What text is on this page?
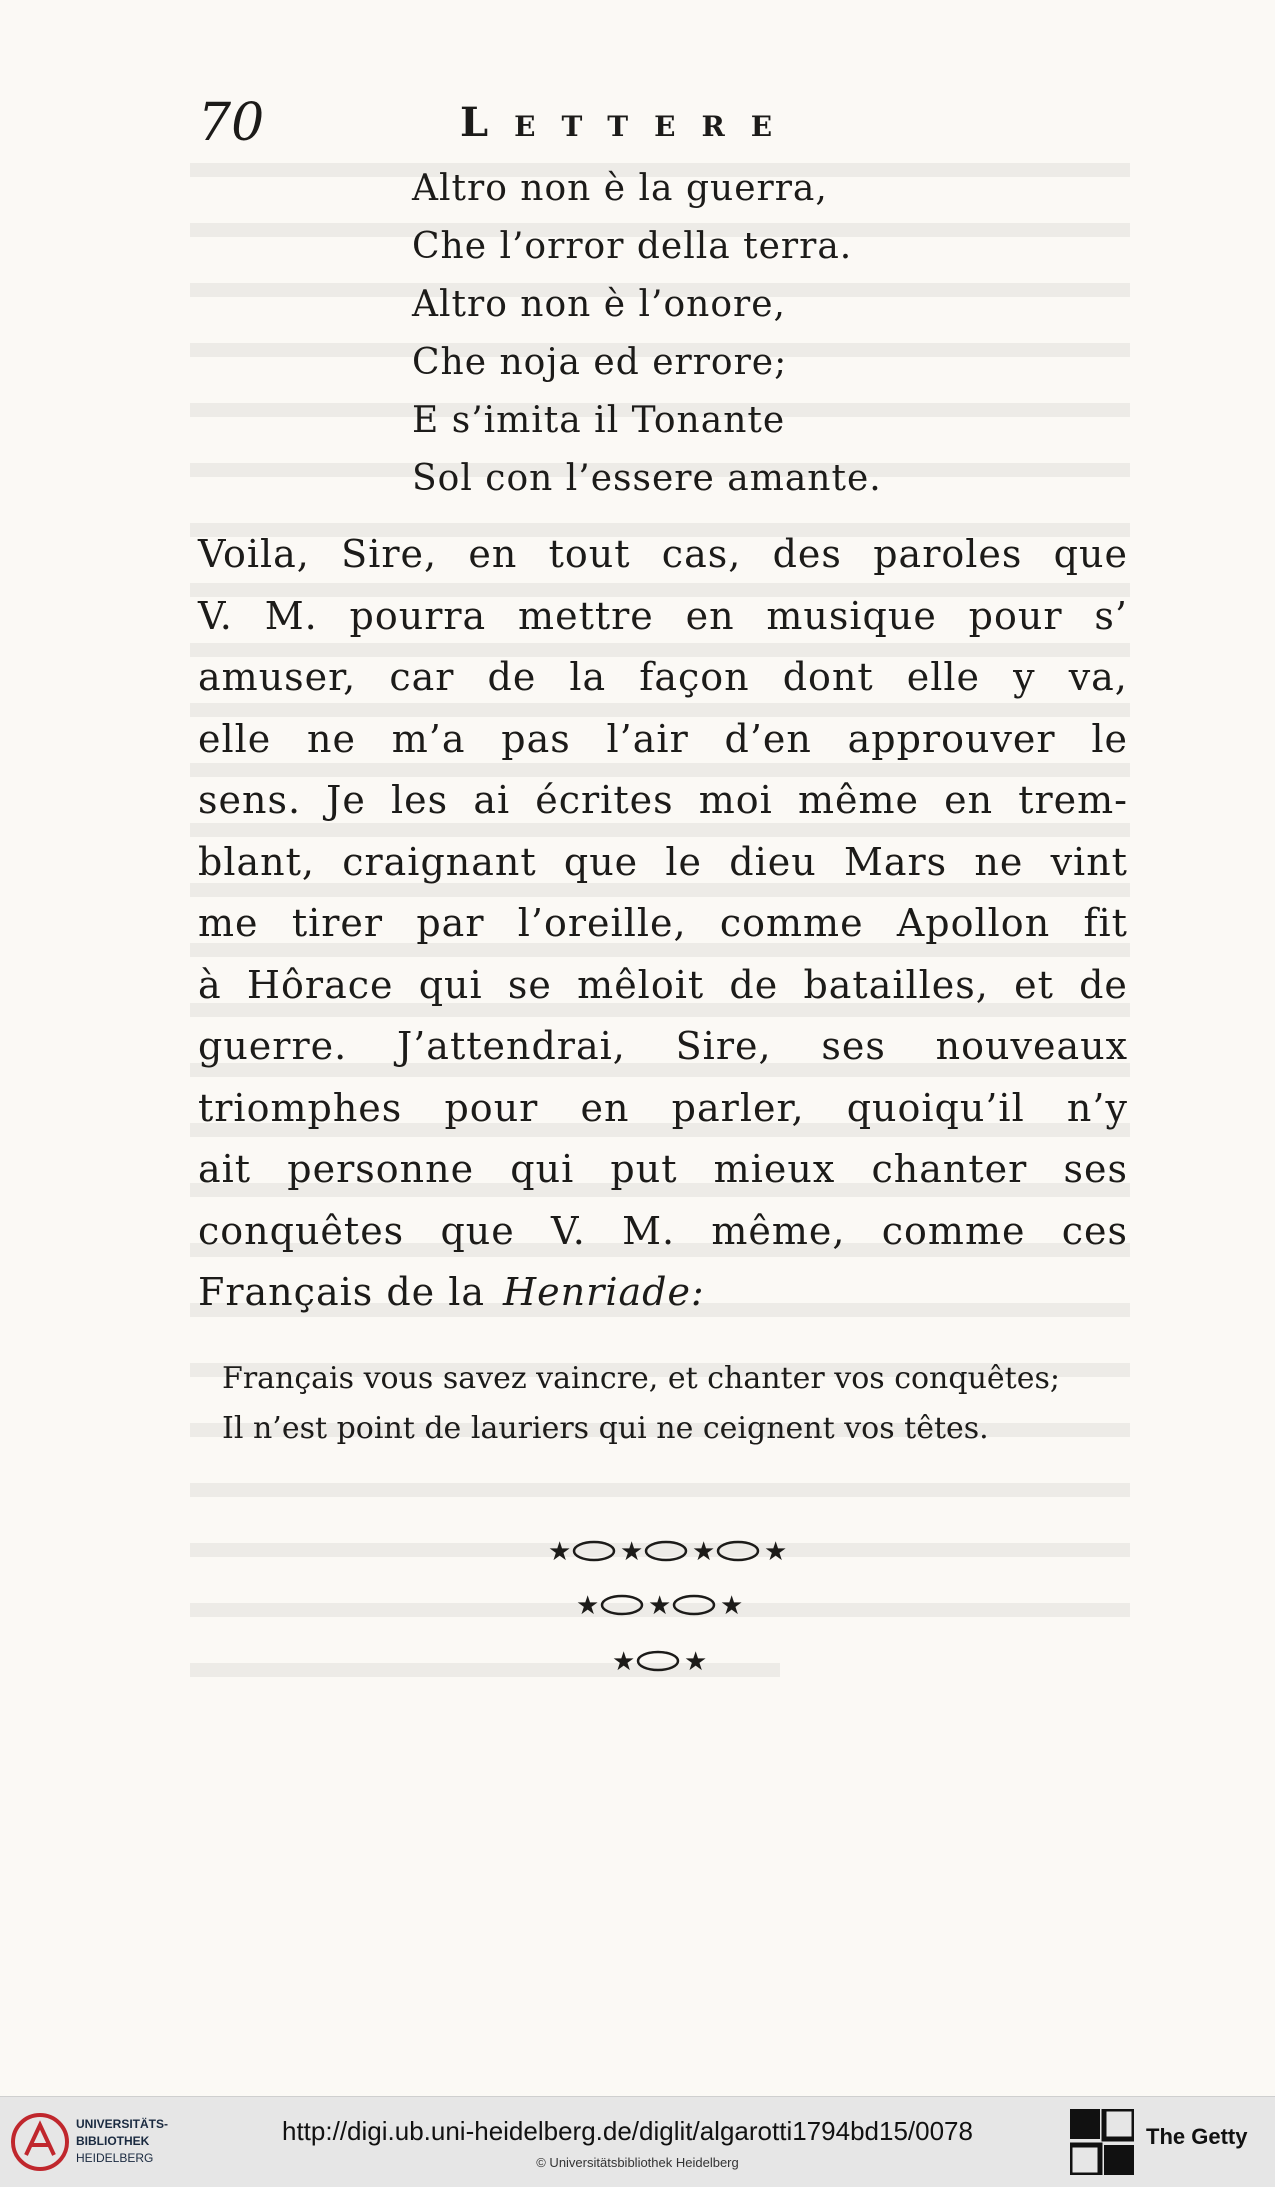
70	Lettere
Altro non è la guerra,
Che l’orror della terra.
Altro non è l’onore,
Che noja ed errore;
E s’imita il Tonante
Sol con l’essere amante.
Voila, Sire, en tout cas, des paroles que
V. M. pourra mettre en musique pour s’
amuser, car de la façon dont elle y va,
elle ne m’a pas l’air d’en approuver le
sens. Je les ai écrites moi même en trem-
blant, craignant que le dieu Mars ne vint
me tirer par l’oreille, comme Apollon fit
à Hôrace qui se mêloit de batailles, et de
guerre. J’attendrai, Sire, ses nouveaux
triomphes pour en parler, quoiqu’il n’y
ait personne qui put mieux chanter ses
conquêtes que V. M. même, comme ces
Français de la Henriade:
Français vous savez vaincre, et chanter vos conquêtes;
Il n’est point de lauriers qui ne ceignent vos têtes.
★ ★ ★ ★
★ ★ ★
★ ★
UNIVERSITÄTS-
BIBLIOTHEK
HEIDELBERG
http://digi.ub.uni-heidelberg.de/diglit/algarotti1794bd15/0078
© Universitätsbibliothek Heidelberg
The Getty
